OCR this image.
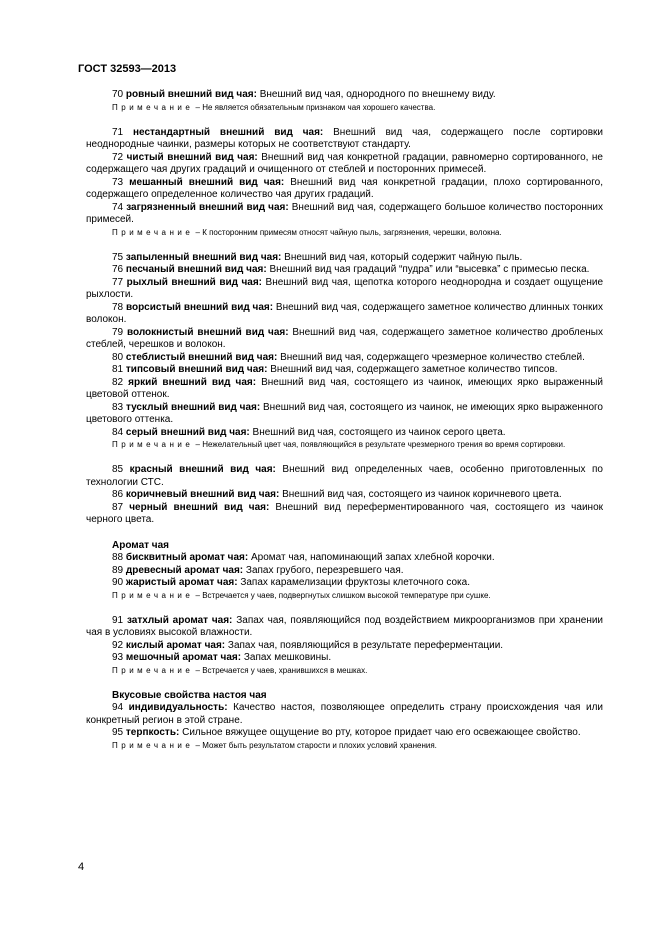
ГОСТ 32593—2013

70 ровный внешний вид чая: Внешний вид чая, однородного по внешнему виду.

Примечание – Не является обязательным признаком чая хорошего качества.

71 нестандартный внешний вид чая: Внешний вид чая, содержащего после сортировки неоднородные чаинки, размеры которых не соответствуют стандарту.

72 чистый внешний вид чая: Внешний вид чая конкретной градации, равномерно сортированного, не содержащего чая других градаций и очищенного от стеблей и посторонних примесей.

73 мешанный внешний вид чая: Внешний вид чая конкретной градации, плохо сортированного, содержащего определенное количество чая других градаций.

74 загрязненный внешний вид чая: Внешний вид чая, содержащего большое количество посторонних примесей.

Примечание – К посторонним примесям относят чайную пыль, загрязнения, черешки, волокна.

75 запыленный внешний вид чая: Внешний вид чая, который содержит чайную пыль.

76 песчаный внешний вид чая: Внешний вид чая градаций “пудра” или “высевка” с примесью песка.

77 рыхлый внешний вид чая: Внешний вид чая, щепотка которого неоднородна и создает ощущение рыхлости.

78 ворсистый внешний вид чая: Внешний вид чая, содержащего заметное количество длинных тонких волокон.

79 волокнистый внешний вид чая: Внешний вид чая, содержащего заметное количество дробленых стеблей, черешков и волокон.

80 стеблистый внешний вид чая: Внешний вид чая, содержащего чрезмерное количество стеблей.

81 типсовый внешний вид чая: Внешний вид чая, содержащего заметное количество типсов.

82 яркий внешний вид чая: Внешний вид чая, состоящего из чаинок, имеющих ярко выраженный цветовой оттенок.

83 тусклый внешний вид чая: Внешний вид чая, состоящего из чаинок, не имеющих ярко выраженного цветового оттенка.

84 серый внешний вид чая: Внешний вид чая, состоящего из чаинок серого цвета.

Примечание – Нежелательный цвет чая, появляющийся в результате чрезмерного трения во время сортировки.

85 красный внешний вид чая: Внешний вид определенных чаев, особенно приготовленных по технологии СТС.

86 коричневый внешний вид чая: Внешний вид чая, состоящего из чаинок коричневого цвета.

87 черный внешний вид чая: Внешний вид переферментированного чая, состоящего из чаинок черного цвета.

Аромат чая

88 бисквитный аромат чая: Аромат чая, напоминающий запах хлебной корочки.

89 древесный аромат чая: Запах грубого, перезревшего чая.

90 жаристый аромат чая: Запах карамелизации фруктозы клеточного сока.

Примечание – Встречается у чаев, подвергнутых слишком высокой температуре при сушке.

91 затхлый аромат чая: Запах чая, появляющийся под воздействием микроорганизмов при хранении чая в условиях высокой влажности.

92 кислый аромат чая: Запах чая, появляющийся в результате переферментации.

93 мешочный аромат чая: Запах мешковины.

Примечание – Встречается у чаев, хранившихся в мешках.

Вкусовые свойства настоя чая

94 индивидуальность: Качество настоя, позволяющее определить страну происхождения чая или конкретный регион в этой стране.

95 терпкость: Сильное вяжущее ощущение во рту, которое придает чаю его освежающее свойство.

Примечание – Может быть результатом старости и плохих условий хранения.

4
